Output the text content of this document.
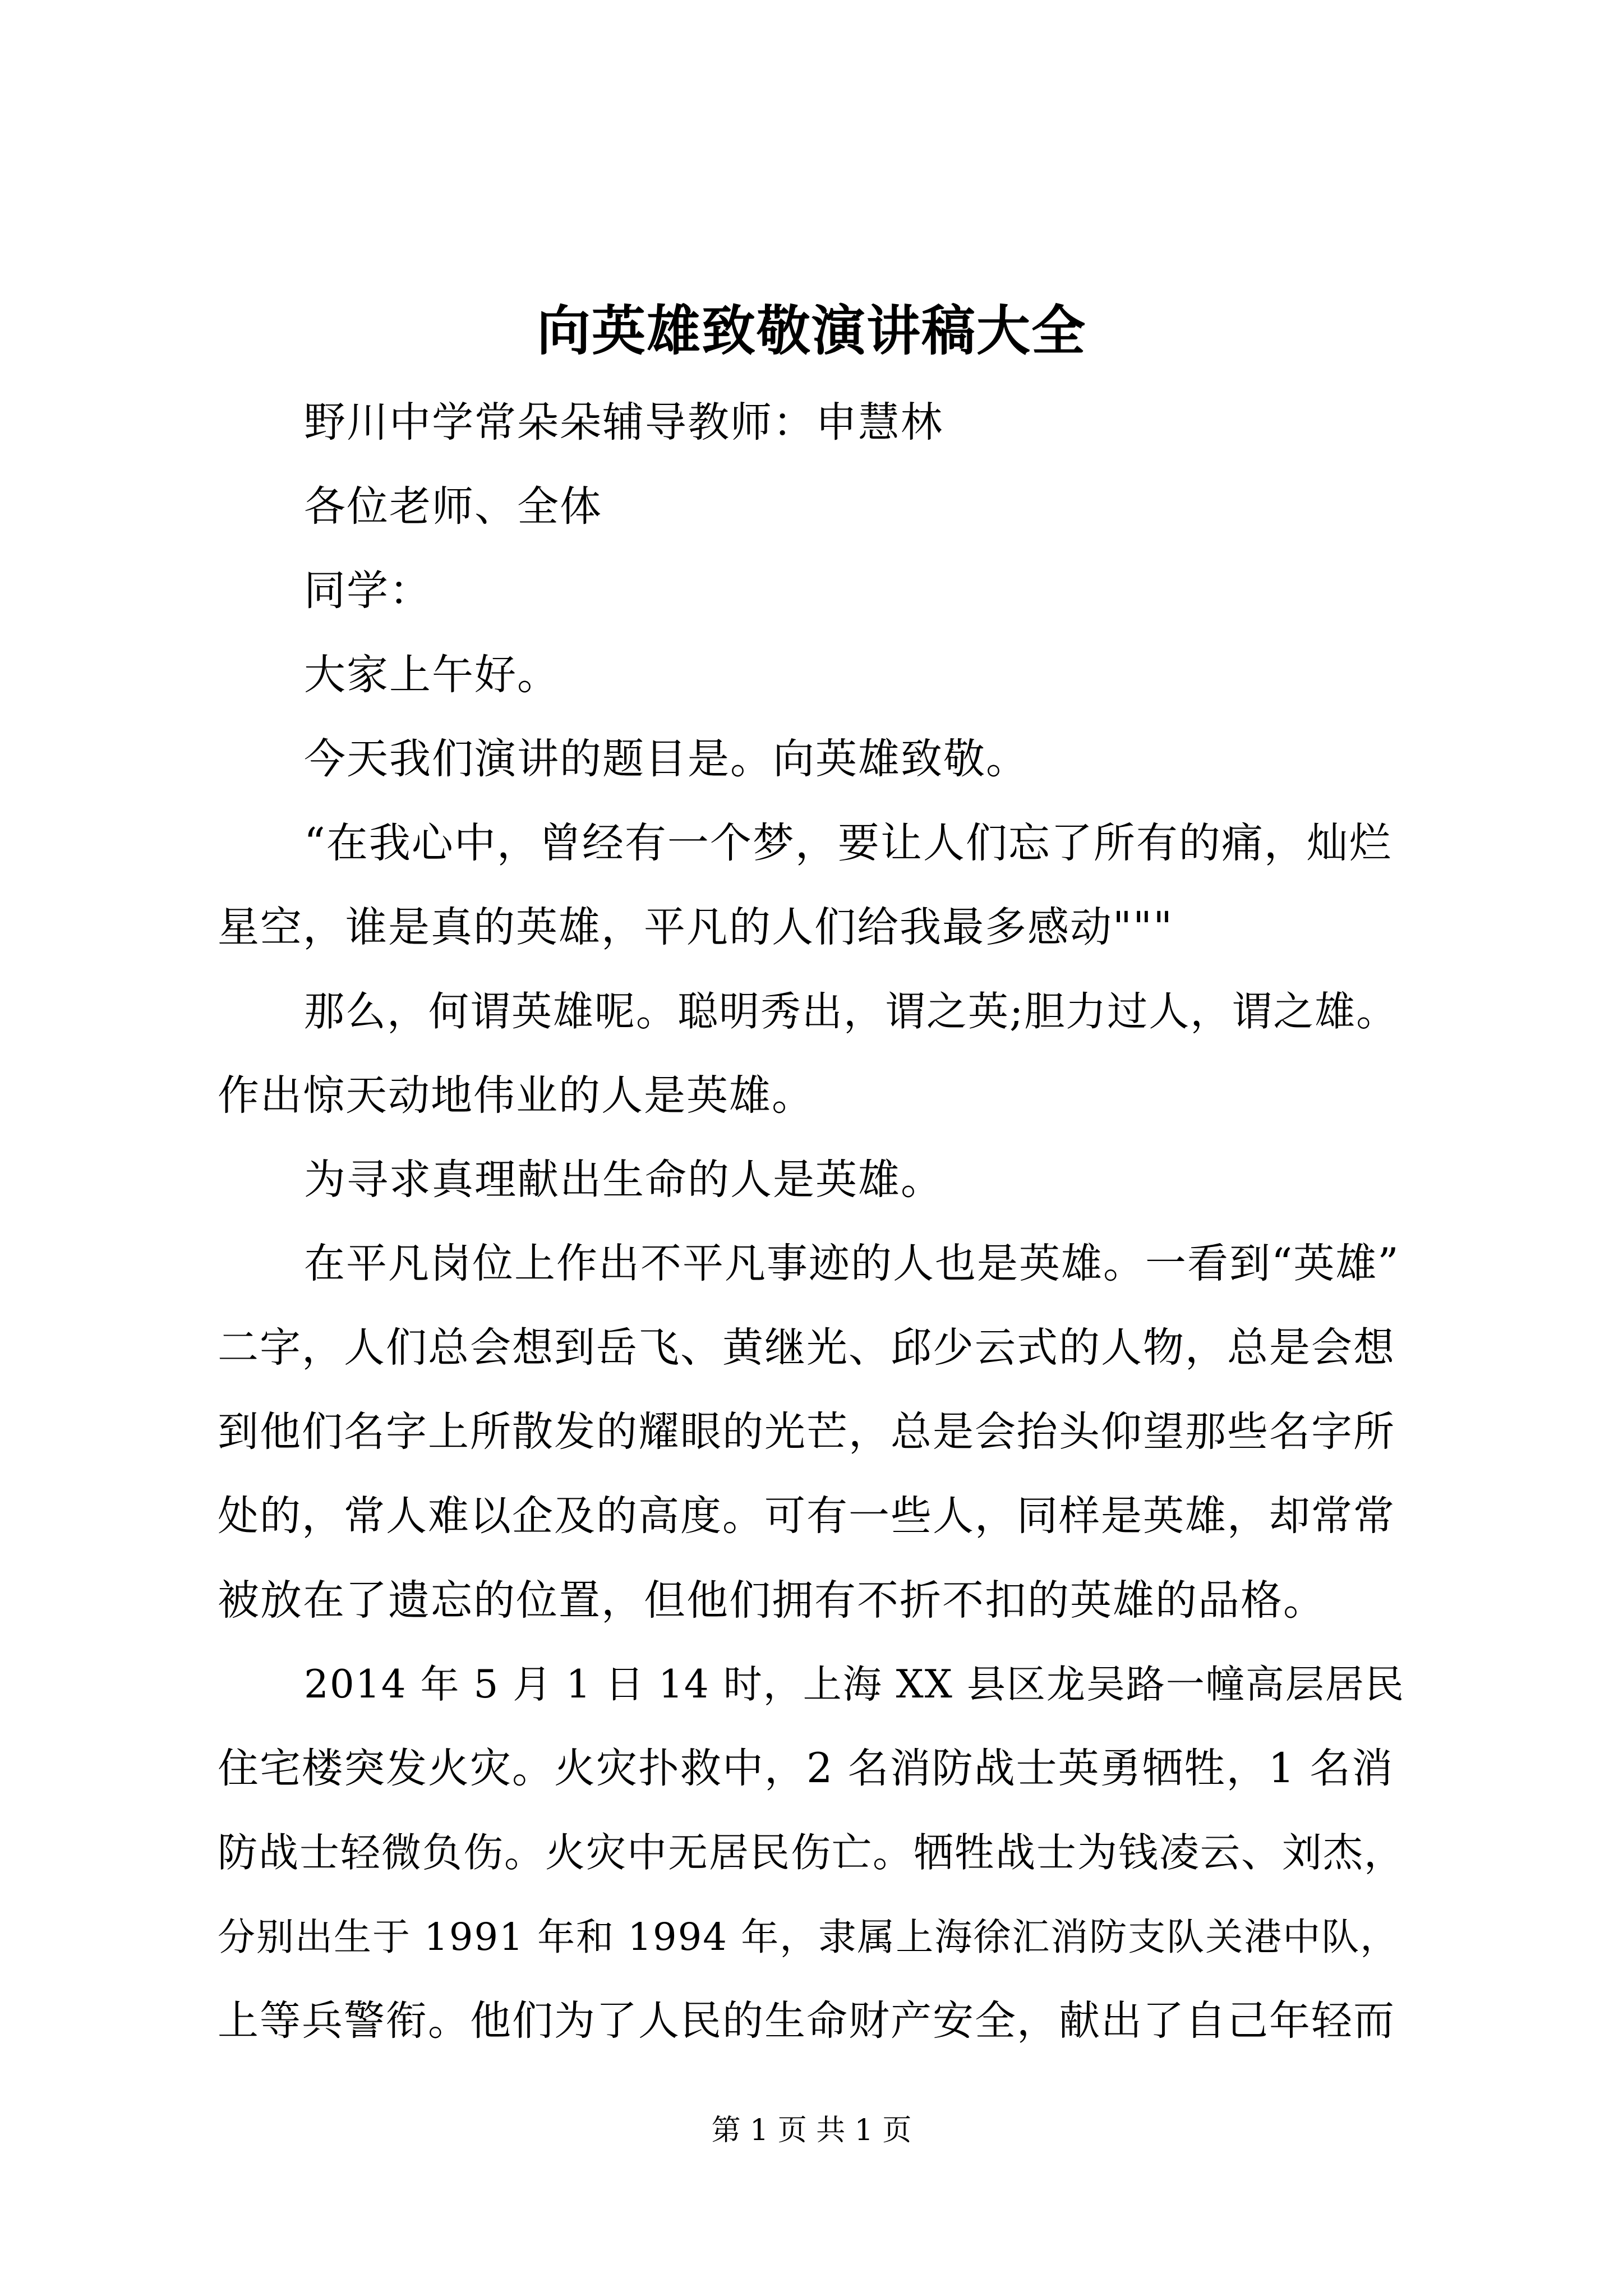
向英雄致敬演讲稿大全
野川中学常朵朵辅导教师：申慧林
各位老师、全体
同学：
大家上午好。
今天我们演讲的题目是。向英雄致敬。
“在我心中，曾经有一个梦，要让人们忘了所有的痛，灿烂
星空，谁是真的英雄，平凡的人们给我最多感动"""
那么，何谓英雄呢。聪明秀出，谓之英;胆力过人，谓之雄。
作出惊天动地伟业的人是英雄。
为寻求真理献出生命的人是英雄。
在平凡岗位上作出不平凡事迹的人也是英雄。一看到“英雄”
二字，人们总会想到岳飞、黄继光、邱少云式的人物，总是会想
到他们名字上所散发的耀眼的光芒，总是会抬头仰望那些名字所
处的，常人难以企及的高度。可有一些人，同样是英雄，却常常
被放在了遗忘的位置，但他们拥有不折不扣的英雄的品格。
2014 年 5 月 1 日 14 时，上海 XX 县区龙吴路一幢高层居民
住宅楼突发火灾。火灾扑救中，2 名消防战士英勇牺牲，1 名消
防战士轻微负伤。火灾中无居民伤亡。牺牲战士为钱凌云、刘杰，
分别出生于 1991 年和 1994 年，隶属上海徐汇消防支队关港中队，
上等兵警衔。他们为了人民的生命财产安全，献出了自己年轻而
第 1 页 共 1 页
